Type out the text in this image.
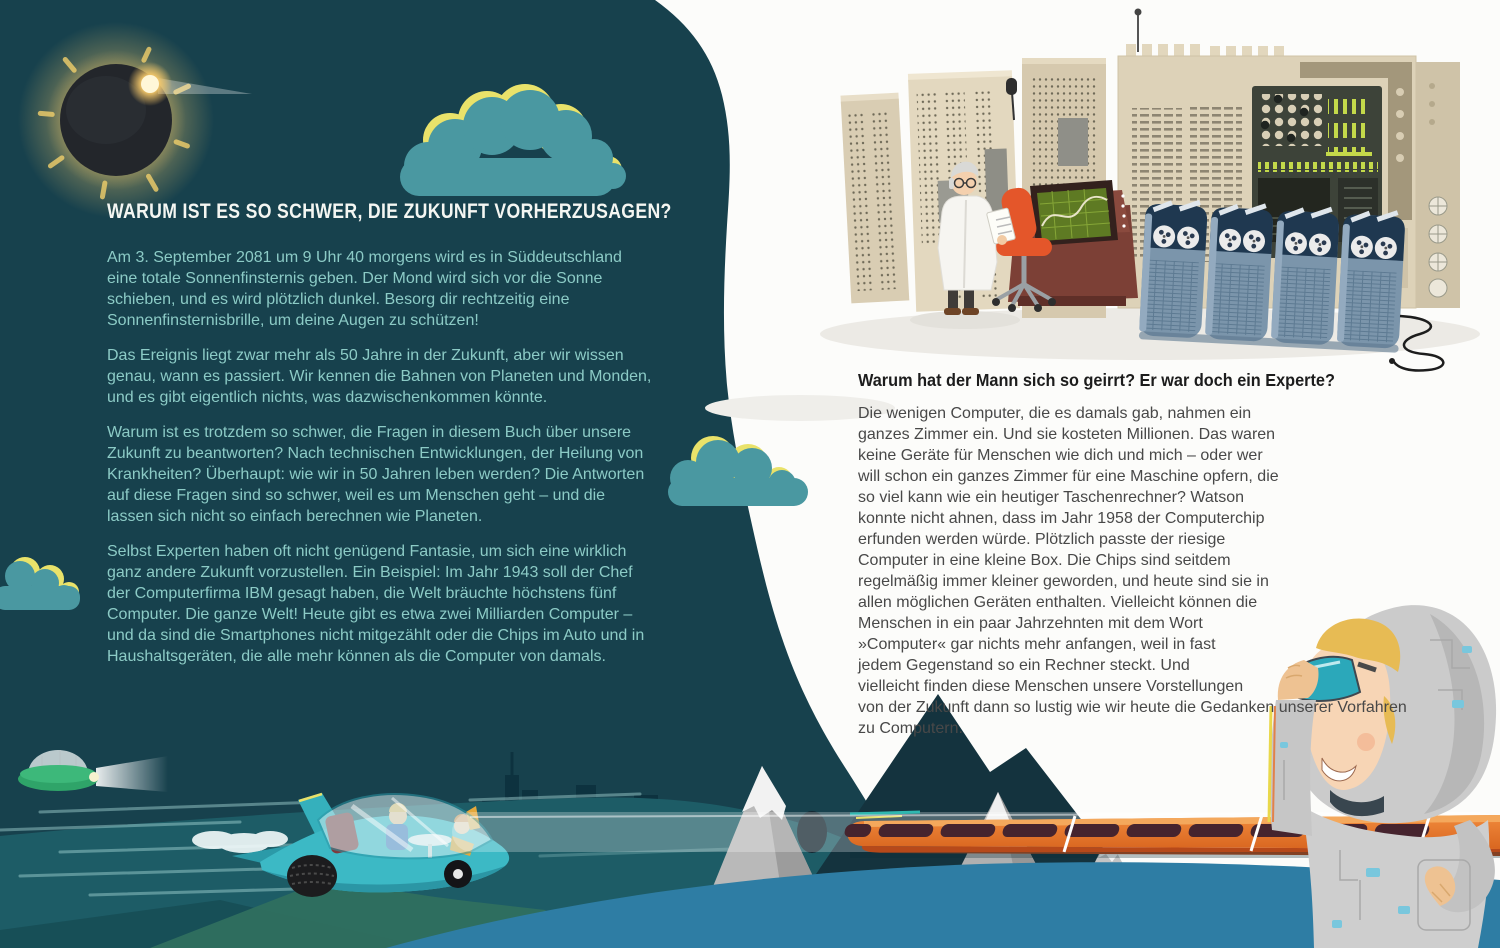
WARUM IST ES SO SCHWER, DIE ZUKUNFT VORHERZUSAGEN?

Am 3. September 2081 um 9 Uhr 40 morgens wird es in Süddeutschland eine totale Sonnenfinsternis geben. Der Mond wird sich vor die Sonne schieben, und es wird plötzlich dunkel. Besorg dir rechtzeitig eine Sonnenfinsternisbrille, um deine Augen zu schützen!

Das Ereignis liegt zwar mehr als 50 Jahre in der Zukunft, aber wir wissen genau, wann es passiert. Wir kennen die Bahnen von Planeten und Monden, und es gibt eigentlich nichts, was dazwischenkommen könnte.

Warum ist es trotzdem so schwer, die Fragen in diesem Buch über unsere Zukunft zu beantworten? Nach technischen Entwicklungen, der Heilung von Krankheiten? Überhaupt: wie wir in 50 Jahren leben werden? Die Antworten auf diese Fragen sind so schwer, weil es um Menschen geht – und die lassen sich nicht so einfach berechnen wie Planeten.

Selbst Experten haben oft nicht genügend Fantasie, um sich eine wirklich ganz andere Zukunft vorzustellen. Ein Beispiel: Im Jahr 1943 soll der Chef der Computerfirma IBM gesagt haben, die Welt bräuchte höchstens fünf Computer. Die ganze Welt! Heute gibt es etwa zwei Milliarden Computer – und da sind die Smartphones nicht mitgezählt oder die Chips im Auto und in Haushaltsgeräten, die alle mehr können als die Computer von damals.

Warum hat der Mann sich so geirrt? Er war doch ein Experte?

Die wenigen Computer, die es damals gab, nahmen ein ganzes Zimmer ein. Und sie kosteten Millionen. Das waren keine Geräte für Menschen wie dich und mich – oder wer will schon ein ganzes Zimmer für eine Maschine opfern, die so viel kann wie ein heutiger Taschenrechner? Watson konnte nicht ahnen, dass im Jahr 1958 der Computerchip erfunden werden würde. Plötzlich passte der riesige Computer in eine kleine Box. Die Chips sind seitdem regelmäßig immer kleiner geworden, und heute sind sie in allen möglichen Geräten enthalten. Vielleicht können die Menschen in ein paar Jahrzehnten mit dem Wort »Computer« gar nichts mehr anfangen, weil in fast jedem Gegenstand so ein Rechner steckt. Und vielleicht finden diese Menschen unsere Vorstellungen von der Zukunft dann so lustig wie wir heute die Gedanken unserer Vorfahren zu Computern.
